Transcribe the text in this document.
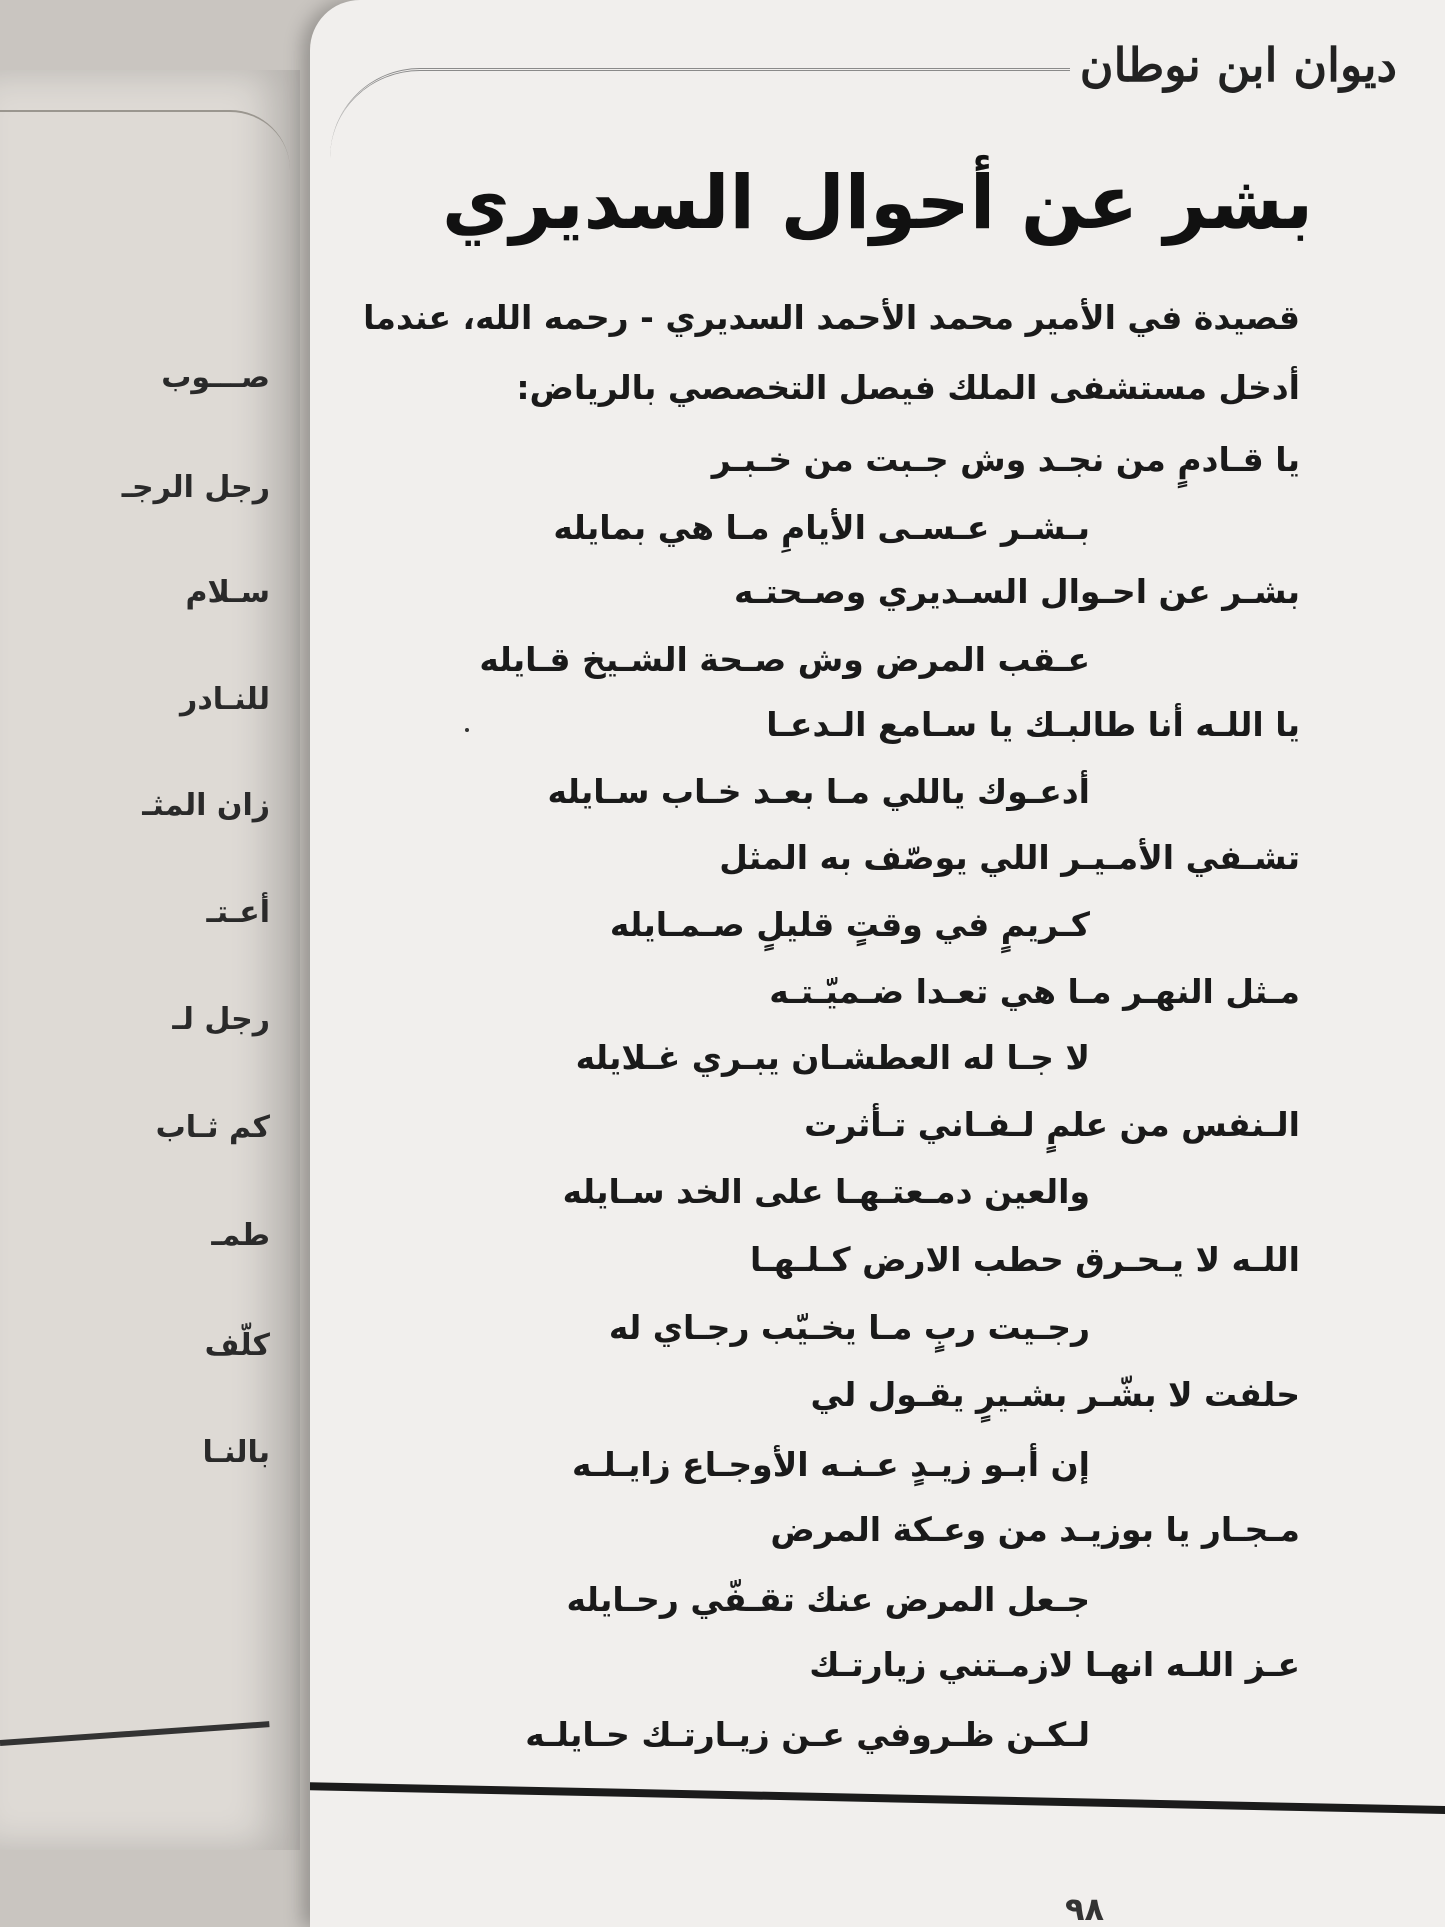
صـــوب
رجل الرجـ
سـلام
للنـادر
زان المثـ
أعـتـ
رجل لـ
كم ثـاب
طمـ
كلّف
بالنـا
ديوان ابن نوطان
بشر عن أحوال السديري
قصيدة في الأمير محمد الأحمد السديري - رحمه الله، عندما
أدخل مستشفى الملك فيصل التخصصي بالرياض:
يا قـادمٍ من نجـد وش جـبت من خـبـر
بـشـر عـسـى الأيامِ مـا هي بمايله
بشـر عن احـوال السـديري وصـحتـه
عـقب المرض وش صـحة الشـيخ قـايله
يا اللـه أنا طالبـك يا سـامع الـدعـا
أدعـوك ياللي مـا بعـد خـاب سـايله
تشـفي الأمـيـر اللي يوصّف به المثل
كـريمٍ في وقتٍ قليلٍ صـمـايله
مـثل النهـر مـا هي تعـدا ضـميّـتـه
لا جـا له العطشـان يبـري غـلايله
الـنفس من علمٍ لـفـاني تـأثرت
والعين دمـعتـهـا على الخد سـايله
اللـه لا يـحـرق حطب الارض كـلـهـا
رجـيت ربٍ مـا يخـيّب رجـاي له
حلفت لا بشّـر بشـيرٍ يقـول لي
إن أبـو زيـدٍ عـنـه الأوجـاع زايـلـه
مـجـار يا بوزيـد من وعـكة المرض
جـعل المرض عنك تقـفّي رحـايله
عـز اللـه انهـا لازمـتني زيارتـك
لـكـن ظـروفي عـن زيـارتـك حـايلـه
٩٨
